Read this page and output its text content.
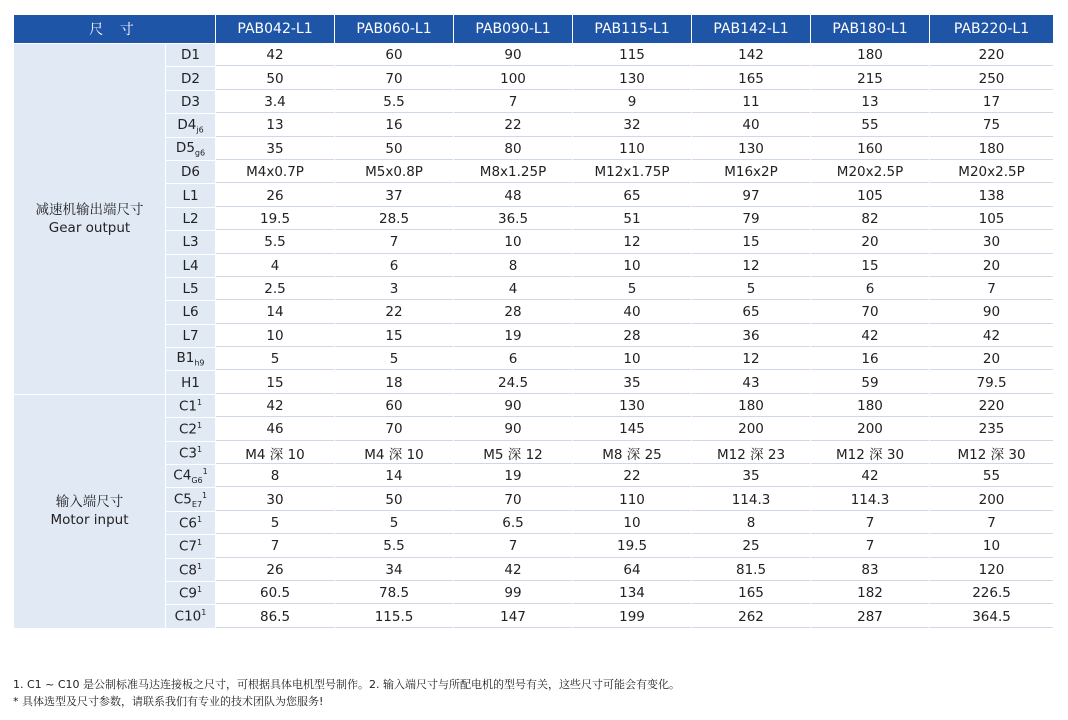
尺 寸		PAB042-L1	PAB060-L1	PAB090-L1	PAB115-L1	PAB142-L1	PAB180-L1	PAB220-L1

减速机输出端尺寸
Gear output	D1	42	60	90	115	142	180	220
	D2	50	70	100	130	165	215	250
	D3	3.4	5.5	7	9	11	13	17
	$D4_{j6}$	13	16	22	32	40	55	75
	$D5_{g6}$	35	50	80	110	130	160	180
	D6	M4x0.7P	M5x0.8P	M8x1.25P	M12x1.75P	M16x2P	M20x2.5P	M20x2.5P
	L1	26	37	48	65	97	105	138
	L2	19.5	28.5	36.5	51	79	82	105
	L3	5.5	7	10	12	15	20	30
	L4	4	6	8	10	12	15	20
	L5	2.5	3	4	5	5	6	7
	L6	14	22	28	40	65	70	90
	L7	10	15	19	28	36	42	42
	$B1_{h9}$	5	5	6	10	12	16	20
	H1	15	18	24.5	35	43	59	79.5

输入端尺寸
Motor input	$C1^1$	42	60	90	130	180	180	220
	$C2^1$	46	70	90	145	200	200	235
	$C3^1$	M4 深 10	M4 深 10	M5 深 12	M8 深 25	M12 深 23	M12 深 30	M12 深 30
	$C4_{G6}^1$	8	14	19	22	35	42	55
	$C5_{E7}^1$	30	50	70	110	114.3	114.3	200
	$C6^1$	5	5	6.5	10	8	7	7
	$C7^1$	7	5.5	7	19.5	25	7	10
	$C8^1$	26	34	42	64	81.5	83	120
	$C9^1$	60.5	78.5	99	134	165	182	226.5
	$C10^1$	86.5	115.5	147	199	262	287	364.5
1. C1 ~ C10 是公制标准马达连接板之尺寸，可根据具体电机型号制作。2. 输入端尺寸与所配电机的型号有关，这些尺寸可能会有变化。
* 具体选型及尺寸参数，请联系我们有专业的技术团队为您服务!
